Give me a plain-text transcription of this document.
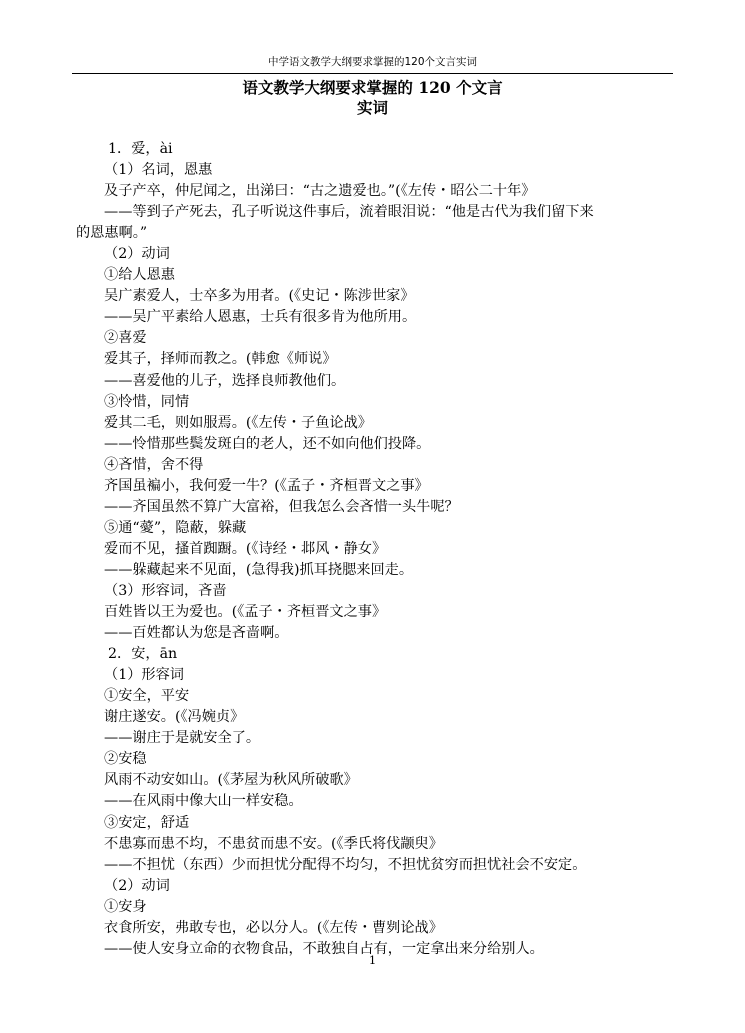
中学语文教学大纲要求掌握的120个文言实词
语文教学大纲要求掌握的 120 个文言
实词
1．爱，ài
（1）名词，恩惠
及子产卒，仲尼闻之，出涕曰：“古之遗爱也。”(《左传・昭公二十年》
——等到子产死去，孔子听说这件事后，流着眼泪说：“他是古代为我们留下来
的恩惠啊。”
（2）动词
①给人恩惠
吴广素爱人，士卒多为用者。(《史记・陈涉世家》
——吴广平素给人恩惠，士兵有很多肯为他所用。
②喜爱
爱其子，择师而教之。(韩愈《师说》
——喜爱他的儿子，选择良师教他们。
③怜惜，同情
爱其二毛，则如服焉。(《左传・子鱼论战》
——怜惜那些鬓发斑白的老人，还不如向他们投降。
④吝惜，舍不得
齐国虽褊小，我何爱一牛？(《孟子・齐桓晋文之事》
——齐国虽然不算广大富裕，但我怎么会吝惜一头牛呢？
⑤通“薆”，隐蔽，躲藏
爱而不见，搔首踟蹰。(《诗经・邶风・静女》
——躲藏起来不见面，(急得我)抓耳挠腮来回走。
（3）形容词，吝啬
百姓皆以王为爱也。(《孟子・齐桓晋文之事》
——百姓都认为您是吝啬啊。
2．安，ān
（1）形容词
①安全，平安
谢庄遂安。(《冯婉贞》
——谢庄于是就安全了。
②安稳
风雨不动安如山。(《茅屋为秋风所破歌》
——在风雨中像大山一样安稳。
③安定，舒适
不患寡而患不均，不患贫而患不安。(《季氏将伐颛臾》
——不担忧（东西）少而担忧分配得不均匀，不担忧贫穷而担忧社会不安定。
（2）动词
①安身
衣食所安，弗敢专也，必以分人。(《左传・曹刿论战》
——使人安身立命的衣物食品，不敢独自占有，一定拿出来分给别人。
1
